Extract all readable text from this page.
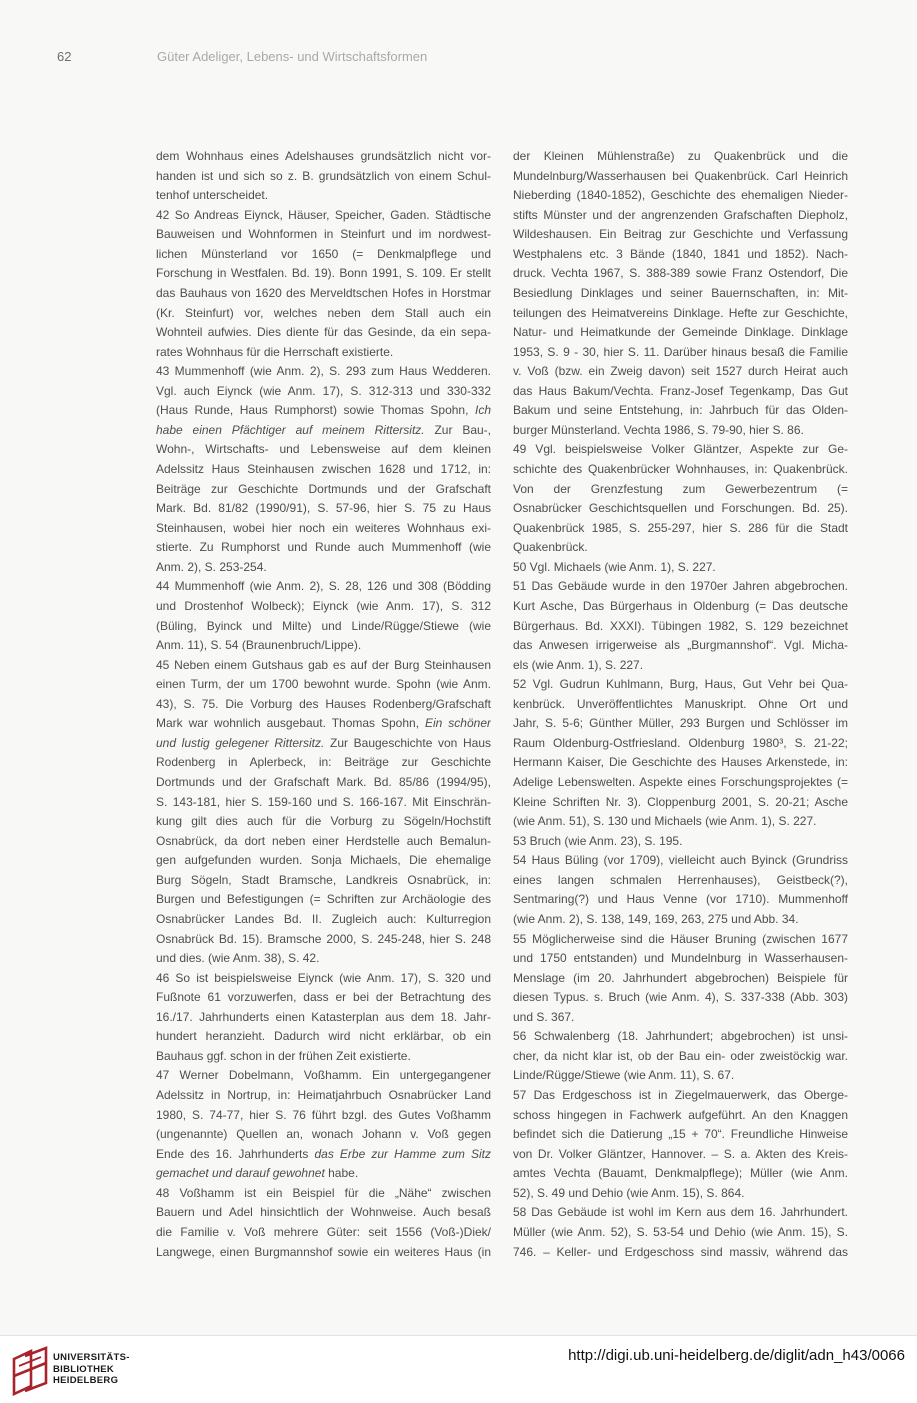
62	Güter Adeliger, Lebens- und Wirtschaftsformen
dem Wohnhaus eines Adelshauses grundsätzlich nicht vor-
handen ist und sich so z. B. grundsätzlich von einem Schul-
tenhof unterscheidet.
42 So Andreas Eiynck, Häuser, Speicher, Gaden. Städtische
Bauweisen und Wohnformen in Steinfurt und im nordwest-
lichen Münsterland vor 1650 (= Denkmalpflege und
Forschung in Westfalen. Bd. 19). Bonn 1991, S. 109. Er stellt
das Bauhaus von 1620 des Merveldtschen Hofes in Horstmar
(Kr. Steinfurt) vor, welches neben dem Stall auch ein
Wohnteil aufwies. Dies diente für das Gesinde, da ein sepa-
rates Wohnhaus für die Herrschaft existierte.
43 Mummenhoff (wie Anm. 2), S. 293 zum Haus Wedderen.
Vgl. auch Eiynck (wie Anm. 17), S. 312-313 und 330-332
(Haus Runde, Haus Rumphorst) sowie Thomas Spohn, Ich
habe einen Pfächtiger auf meinem Rittersitz. Zur Bau-,
Wohn-, Wirtschafts- und Lebensweise auf dem kleinen
Adelssitz Haus Steinhausen zwischen 1628 und 1712, in:
Beiträge zur Geschichte Dortmunds und der Grafschaft
Mark. Bd. 81/82 (1990/91), S. 57-96, hier S. 75 zu Haus
Steinhausen, wobei hier noch ein weiteres Wohnhaus exi-
stierte. Zu Rumphorst und Runde auch Mummenhoff (wie
Anm. 2), S. 253-254.
44 Mummenhoff (wie Anm. 2), S. 28, 126 und 308 (Bödding
und Drostenhof Wolbeck); Eiynck (wie Anm. 17), S. 312
(Büling, Byinck und Milte) und Linde/Rügge/Stiewe (wie
Anm. 11), S. 54 (Braunenbruch/Lippe).
45 Neben einem Gutshaus gab es auf der Burg Steinhausen
einen Turm, der um 1700 bewohnt wurde. Spohn (wie Anm.
43), S. 75. Die Vorburg des Hauses Rodenberg/Grafschaft
Mark war wohnlich ausgebaut. Thomas Spohn, Ein schöner
und lustig gelegener Rittersitz. Zur Baugeschichte von Haus
Rodenberg in Aplerbeck, in: Beiträge zur Geschichte
Dortmunds und der Grafschaft Mark. Bd. 85/86 (1994/95),
S. 143-181, hier S. 159-160 und S. 166-167. Mit Einschrän-
kung gilt dies auch für die Vorburg zu Sögeln/Hochstift
Osnabrück, da dort neben einer Herdstelle auch Bemalun-
gen aufgefunden wurden. Sonja Michaels, Die ehemalige
Burg Sögeln, Stadt Bramsche, Landkreis Osnabrück, in:
Burgen und Befestigungen (= Schriften zur Archäologie des
Osnabrücker Landes Bd. II. Zugleich auch: Kulturregion
Osnabrück Bd. 15). Bramsche 2000, S. 245-248, hier S. 248
und dies. (wie Anm. 38), S. 42.
46 So ist beispielsweise Eiynck (wie Anm. 17), S. 320 und
Fußnote 61 vorzuwerfen, dass er bei der Betrachtung des
16./17. Jahrhunderts einen Katasterplan aus dem 18. Jahr-
hundert heranzieht. Dadurch wird nicht erklärbar, ob ein
Bauhaus ggf. schon in der frühen Zeit existierte.
47 Werner Dobelmann, Voßhamm. Ein untergegangener
Adelssitz in Nortrup, in: Heimatjahrbuch Osnabrücker Land
1980, S. 74-77, hier S. 76 führt bzgl. des Gutes Voßhamm
(ungenannte) Quellen an, wonach Johann v. Voß gegen
Ende des 16. Jahrhunderts das Erbe zur Hamme zum Sitz
gemachet und darauf gewohnet habe.
48 Voßhamm ist ein Beispiel für die „Nähe“ zwischen
Bauern und Adel hinsichtlich der Wohnweise. Auch besaß
die Familie v. Voß mehrere Güter: seit 1556 (Voß-)Diek/
Langwege, einen Burgmannshof sowie ein weiteres Haus (in
der Kleinen Mühlenstraße) zu Quakenbrück und die
Mundelnburg/Wasserhausen bei Quakenbrück. Carl Heinrich
Nieberding (1840-1852), Geschichte des ehemaligen Nieder-
stifts Münster und der angrenzenden Grafschaften Diepholz,
Wildeshausen. Ein Beitrag zur Geschichte und Verfassung
Westphalens etc. 3 Bände (1840, 1841 und 1852). Nach-
druck. Vechta 1967, S. 388-389 sowie Franz Ostendorf, Die
Besiedlung Dinklages und seiner Bauernschaften, in: Mit-
teilungen des Heimatvereins Dinklage. Hefte zur Geschichte,
Natur- und Heimatkunde der Gemeinde Dinklage. Dinklage
1953, S. 9 - 30, hier S. 11. Darüber hinaus besaß die Familie
v. Voß (bzw. ein Zweig davon) seit 1527 durch Heirat auch
das Haus Bakum/Vechta. Franz-Josef Tegenkamp, Das Gut
Bakum und seine Entstehung, in: Jahrbuch für das Olden-
burger Münsterland. Vechta 1986, S. 79-90, hier S. 86.
49 Vgl. beispielsweise Volker Gläntzer, Aspekte zur Ge-
schichte des Quakenbrücker Wohnhauses, in: Quakenbrück.
Von der Grenzfestung zum Gewerbezentrum (=
Osnabrücker Geschichtsquellen und Forschungen. Bd. 25).
Quakenbrück 1985, S. 255-297, hier S. 286 für die Stadt
Quakenbrück.
50 Vgl. Michaels (wie Anm. 1), S. 227.
51 Das Gebäude wurde in den 1970er Jahren abgebrochen.
Kurt Asche, Das Bürgerhaus in Oldenburg (= Das deutsche
Bürgerhaus. Bd. XXXI). Tübingen 1982, S. 129 bezeichnet
das Anwesen irrigerweise als „Burgmannshof“. Vgl. Micha-
els (wie Anm. 1), S. 227.
52 Vgl. Gudrun Kuhlmann, Burg, Haus, Gut Vehr bei Qua-
kenbrück. Unveröffentlichtes Manuskript. Ohne Ort und
Jahr, S. 5-6; Günther Müller, 293 Burgen und Schlösser im
Raum Oldenburg-Ostfriesland. Oldenburg 1980³, S. 21-22;
Hermann Kaiser, Die Geschichte des Hauses Arkenstede, in:
Adelige Lebenswelten. Aspekte eines Forschungsprojektes (=
Kleine Schriften Nr. 3). Cloppenburg 2001, S. 20-21; Asche
(wie Anm. 51), S. 130 und Michaels (wie Anm. 1), S. 227.
53 Bruch (wie Anm. 23), S. 195.
54 Haus Büling (vor 1709), vielleicht auch Byinck (Grundriss
eines langen schmalen Herrenhauses), Geistbeck(?),
Sentmaring(?) und Haus Venne (vor 1710). Mummenhoff
(wie Anm. 2), S. 138, 149, 169, 263, 275 und Abb. 34.
55 Möglicherweise sind die Häuser Bruning (zwischen 1677
und 1750 entstanden) und Mundelnburg in Wasserhausen-
Menslage (im 20. Jahrhundert abgebrochen) Beispiele für
diesen Typus. s. Bruch (wie Anm. 4), S. 337-338 (Abb. 303)
und S. 367.
56 Schwalenberg (18. Jahrhundert; abgebrochen) ist unsi-
cher, da nicht klar ist, ob der Bau ein- oder zweistöckig war.
Linde/Rügge/Stiewe (wie Anm. 11), S. 67.
57 Das Erdgeschoss ist in Ziegelmauerwerk, das Oberge-
schoss hingegen in Fachwerk aufgeführt. An den Knaggen
befindet sich die Datierung „15 + 70“. Freundliche Hinweise
von Dr. Volker Gläntzer, Hannover. – S. a. Akten des Kreis-
amtes Vechta (Bauamt, Denkmalpflege); Müller (wie Anm.
52), S. 49 und Dehio (wie Anm. 15), S. 864.
58 Das Gebäude ist wohl im Kern aus dem 16. Jahrhundert.
Müller (wie Anm. 52), S. 53-54 und Dehio (wie Anm. 15), S.
746. – Keller- und Erdgeschoss sind massiv, während das
UNIVERSITÄTS-
BIBLIOTHEK
HEIDELBERG
http://digi.ub.uni-heidelberg.de/diglit/adn_h43/0066
